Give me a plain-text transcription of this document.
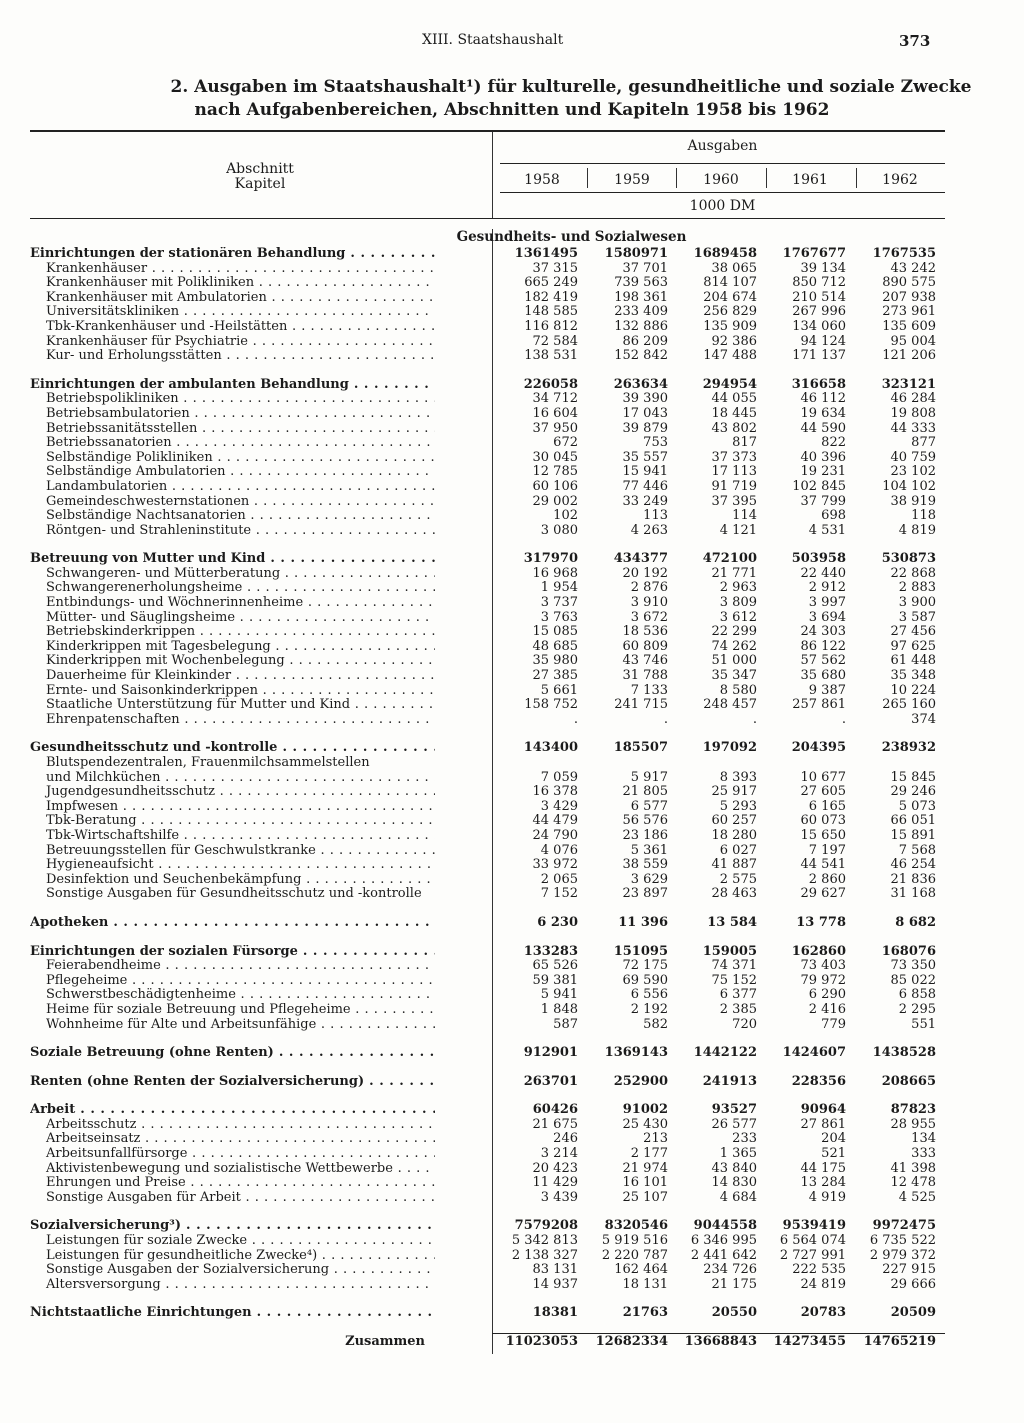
XIII. Staatshaushalt	373
2. Ausgaben im Staatshaushalt¹) für kulturelle, gesundheitliche und soziale Zwecke
nach Aufgabenbereichen, Abschnitten und Kapiteln 1958 bis 1962
Abschnitt
Kapitel
Ausgaben
1958	1959	1960	1961	1962
1000 DM
Gesundheits- und Sozialwesen
Einrichtungen der stationären Behandlung . . .	1361495	1580971	1689458	1767677	1767535
Krankenhäuser . . .	37 315	37 701	38 065	39 134	43 242
Krankenhäuser mit Polikliniken . . .	665 249	739 563	814 107	850 712	890 575
Krankenhäuser mit Ambulatorien . . .	182 419	198 361	204 674	210 514	207 938
Universitätskliniken . . .	148 585	233 409	256 829	267 996	273 961
Tbk-Krankenhäuser und -Heilstätten . . .	116 812	132 886	135 909	134 060	135 609
Krankenhäuser für Psychiatrie . . .	72 584	86 209	92 386	94 124	95 004
Kur- und Erholungsstätten . . .	138 531	152 842	147 488	171 137	121 206
Einrichtungen der ambulanten Behandlung . . .	226058	263634	294954	316658	323121
Betriebspolikliniken . . .	34 712	39 390	44 055	46 112	46 284
Betriebsambulatorien . . .	16 604	17 043	18 445	19 634	19 808
Betriebssanitätsstellen . . .	37 950	39 879	43 802	44 590	44 333
Betriebssanatorien . . .	672	753	817	822	877
Selbständige Polikliniken . . .	30 045	35 557	37 373	40 396	40 759
Selbständige Ambulatorien . . .	12 785	15 941	17 113	19 231	23 102
Landambulatorien . . .	60 106	77 446	91 719	102 845	104 102
Gemeindeschwesternstationen . . .	29 002	33 249	37 395	37 799	38 919
Selbständige Nachtsanatorien . . .	102	113	114	698	118
Röntgen- und Strahleninstitute . . .	3 080	4 263	4 121	4 531	4 819
Betreuung von Mutter und Kind . . .	317970	434377	472100	503958	530873
Schwangeren- und Mütterberatung . . .	16 968	20 192	21 771	22 440	22 868
Schwangerenerholungsheime . . .	1 954	2 876	2 963	2 912	2 883
Entbindungs- und Wöchnerinnenheime . . .	3 737	3 910	3 809	3 997	3 900
Mütter- und Säuglingsheime . . .	3 763	3 672	3 612	3 694	3 587
Betriebskinderkrippen . . .	15 085	18 536	22 299	24 303	27 456
Kinderkrippen mit Tagesbelegung . . .	48 685	60 809	74 262	86 122	97 625
Kinderkrippen mit Wochenbelegung . . .	35 980	43 746	51 000	57 562	61 448
Dauerheime für Kleinkinder . . .	27 385	31 788	35 347	35 680	35 348
Ernte- und Saisonkinderkrippen . . .	5 661	7 133	8 580	9 387	10 224
Staatliche Unterstützung für Mutter und Kind . . .	158 752	241 715	248 457	257 861	265 160
Ehrenpatenschaften . . .	.	.	.	.	374
Gesundheitsschutz und -kontrolle . . .	143400	185507	197092	204395	238932
Blutspendezentralen, Frauenmilchsammelstellen
und Milchküchen . . .	7 059	5 917	8 393	10 677	15 845
Jugendgesundheitsschutz . . .	16 378	21 805	25 917	27 605	29 246
Impfwesen . . .	3 429	6 577	5 293	6 165	5 073
Tbk-Beratung . . .	44 479	56 576	60 257	60 073	66 051
Tbk-Wirtschaftshilfe . . .	24 790	23 186	18 280	15 650	15 891
Betreuungsstellen für Geschwulstkranke . . .	4 076	5 361	6 027	7 197	7 568
Hygieneaufsicht . . .	33 972	38 559	41 887	44 541	46 254
Desinfektion und Seuchenbekämpfung . . .	2 065	3 629	2 575	2 860	21 836
Sonstige Ausgaben für Gesundheitsschutz und -kontrolle	7 152	23 897	28 463	29 627	31 168
Apotheken . . .	6 230	11 396	13 584	13 778	8 682
Einrichtungen der sozialen Fürsorge . . .	133283	151095	159005	162860	168076
Feierabendheime . . .	65 526	72 175	74 371	73 403	73 350
Pflegeheime . . .	59 381	69 590	75 152	79 972	85 022
Schwerstbeschädigtenheime . . .	5 941	6 556	6 377	6 290	6 858
Heime für soziale Betreuung und Pflegeheime . . .	1 848	2 192	2 385	2 416	2 295
Wohnheime für Alte und Arbeitsunfähige . . .	587	582	720	779	551
Soziale Betreuung (ohne Renten) . . .	912901	1369143	1442122	1424607	1438528
Renten (ohne Renten der Sozialversicherung) . . .	263701	252900	241913	228356	208665
Arbeit . . .	60426	91002	93527	90964	87823
Arbeitsschutz . . .	21 675	25 430	26 577	27 861	28 955
Arbeitseinsatz . . .	246	213	233	204	134
Arbeitsunfallfürsorge . . .	3 214	2 177	1 365	521	333
Aktivistenbewegung und sozialistische Wettbewerbe . . .	20 423	21 974	43 840	44 175	41 398
Ehrungen und Preise . . .	11 429	16 101	14 830	13 284	12 478
Sonstige Ausgaben für Arbeit . . .	3 439	25 107	4 684	4 919	4 525
Sozialversicherung³) . . .	7579208	8320546	9044558	9539419	9972475
Leistungen für soziale Zwecke . . .	5 342 813	5 919 516	6 346 995	6 564 074	6 735 522
Leistungen für gesundheitliche Zwecke⁴) . . .	2 138 327	2 220 787	2 441 642	2 727 991	2 979 372
Sonstige Ausgaben der Sozialversicherung . . .	83 131	162 464	234 726	222 535	227 915
Altersversorgung . . .	14 937	18 131	21 175	24 819	29 666
Nichtstaatliche Einrichtungen . . .	18381	21763	20550	20783	20509
Zusammen	11023053	12682334	13668843	14273455	14765219
